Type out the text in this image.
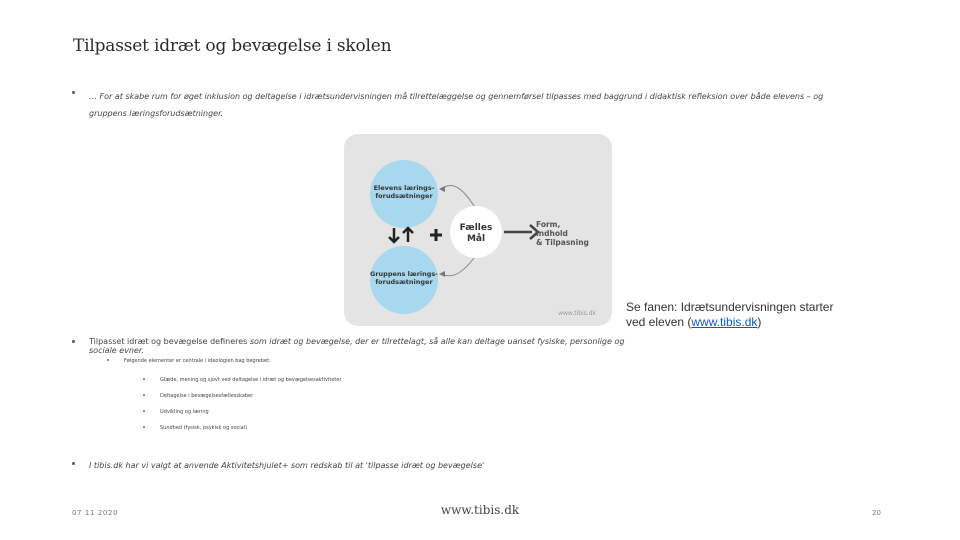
Tilpasset idræt og bevægelse i skolen
… For at skabe rum for øget inklusion og deltagelse i idrætsundervisningen må tilrettelæggelse og gennemførsel tilpasses med baggrund i didaktisk refleksion over både elevens – og gruppens læringsforudsætninger.
Elevens lærings-forudsætninger
Gruppens lærings-forudsætninger
Fælles
Mål
Form,
Indhold
& Tilpasning
www.tibis.dk	Se fanen: Idrætsundervisningen starter
ved eleven (www.tibis.dk)
Tilpasset idræt og bevægelse defineres som idræt og bevægelse, der er tilrettelagt, så alle kan deltage uanset fysiske, personlige og sociale evner.
Følgende elementer er centrale i ideologien bag begrebet:
Glæde, mening og sjovt ved deltagelse i idræt og bevægelsesaktiviteter
Deltagelse i bevægelsesfællesskaber
Udvikling og læring
Sundhed (fysisk, psykisk og social)
I tibis.dk har vi valgt at anvende Aktivitetshjulet+ som redskab til at 'tilpasse idræt og bevægelse'
07 11 2020	www.tibis.dk	20
